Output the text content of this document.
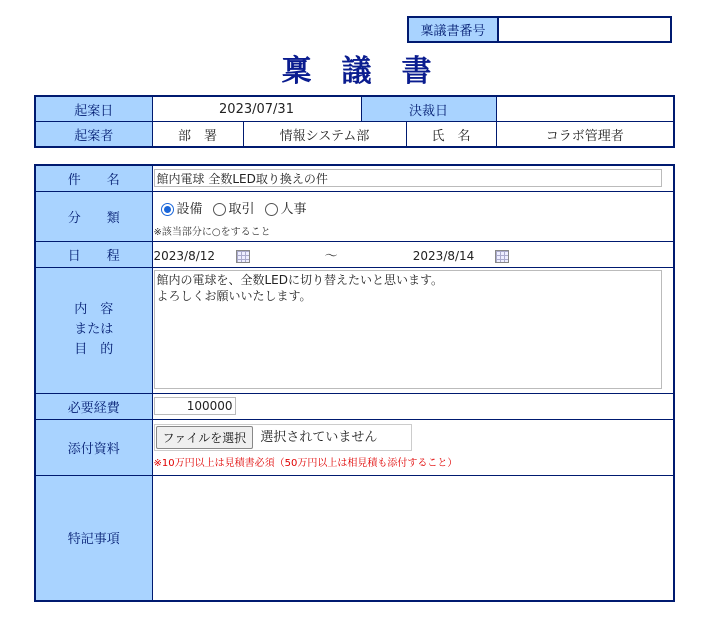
稟議書番号
稟議書
起案日	2023/07/31		決裁日		
起案者	部　署	情報システム部		氏　名	コラボ管理者
件　　名	館内電球 全数LED取り換えの件
分　　類	設備 取引 人事
※該当部分に○をすること

日　　程	2023/8/12 ～ 2023/8/14

内　容
または
目　的
	館内の電球を、全数LEDに切り替えたいと思います。 よろしくお願いいたします。
必要経費	100000
添付資料	ファイルを選択 選択されていません
※10万円以上は見積書必須（50万円以上は相見積も添付すること）

特記事項	
